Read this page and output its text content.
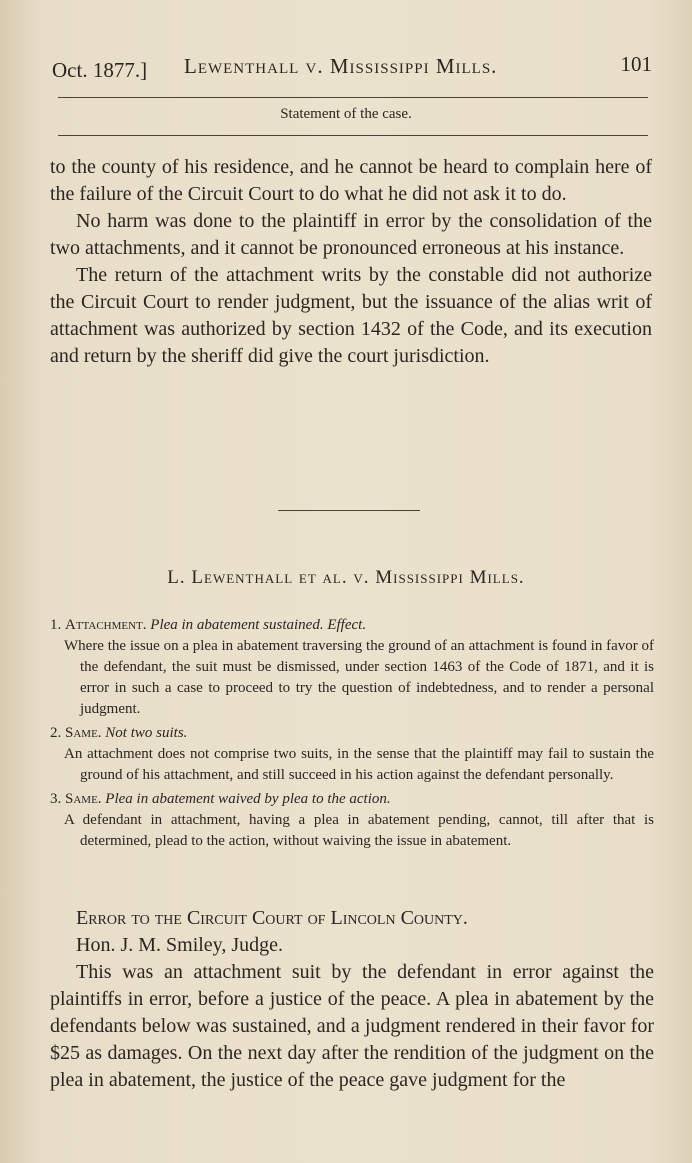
Oct. 1877.] Lewenthall v. Mississippi Mills.	101
Statement of the case.

to the county of his residence, and he cannot be heard to complain here of the failure of the Circuit Court to do what he did not ask it to do.

No harm was done to the plaintiff in error by the consolidation of the two attachments, and it cannot be pronounced erroneous at his instance.

The return of the attachment writs by the constable did not authorize the Circuit Court to render judgment, but the issuance of the alias writ of attachment was authorized by section 1432 of the Code, and its execution and return by the sheriff did give the court jurisdiction.

L. Lewenthall et al. v. Mississippi Mills.

1. Attachment. Plea in abatement sustained. Effect.

Where the issue on a plea in abatement traversing the ground of an attachment is found in favor of the defendant, the suit must be dismissed, under section 1463 of the Code of 1871, and it is error in such a case to proceed to try the question of indebtedness, and to render a personal judgment.

2. Same. Not two suits.

An attachment does not comprise two suits, in the sense that the plaintiff may fail to sustain the ground of his attachment, and still succeed in his action against the defendant personally.

3. Same. Plea in abatement waived by plea to the action.

A defendant in attachment, having a plea in abatement pending, cannot, till after that is determined, plead to the action, without waiving the issue in abatement.

Error to the Circuit Court of Lincoln County.

Hon. J. M. Smiley, Judge.

This was an attachment suit by the defendant in error against the plaintiffs in error, before a justice of the peace. A plea in abatement by the defendants below was sustained, and a judgment rendered in their favor for $25 as damages. On the next day after the rendition of the judgment on the plea in abatement, the justice of the peace gave judgment for the
